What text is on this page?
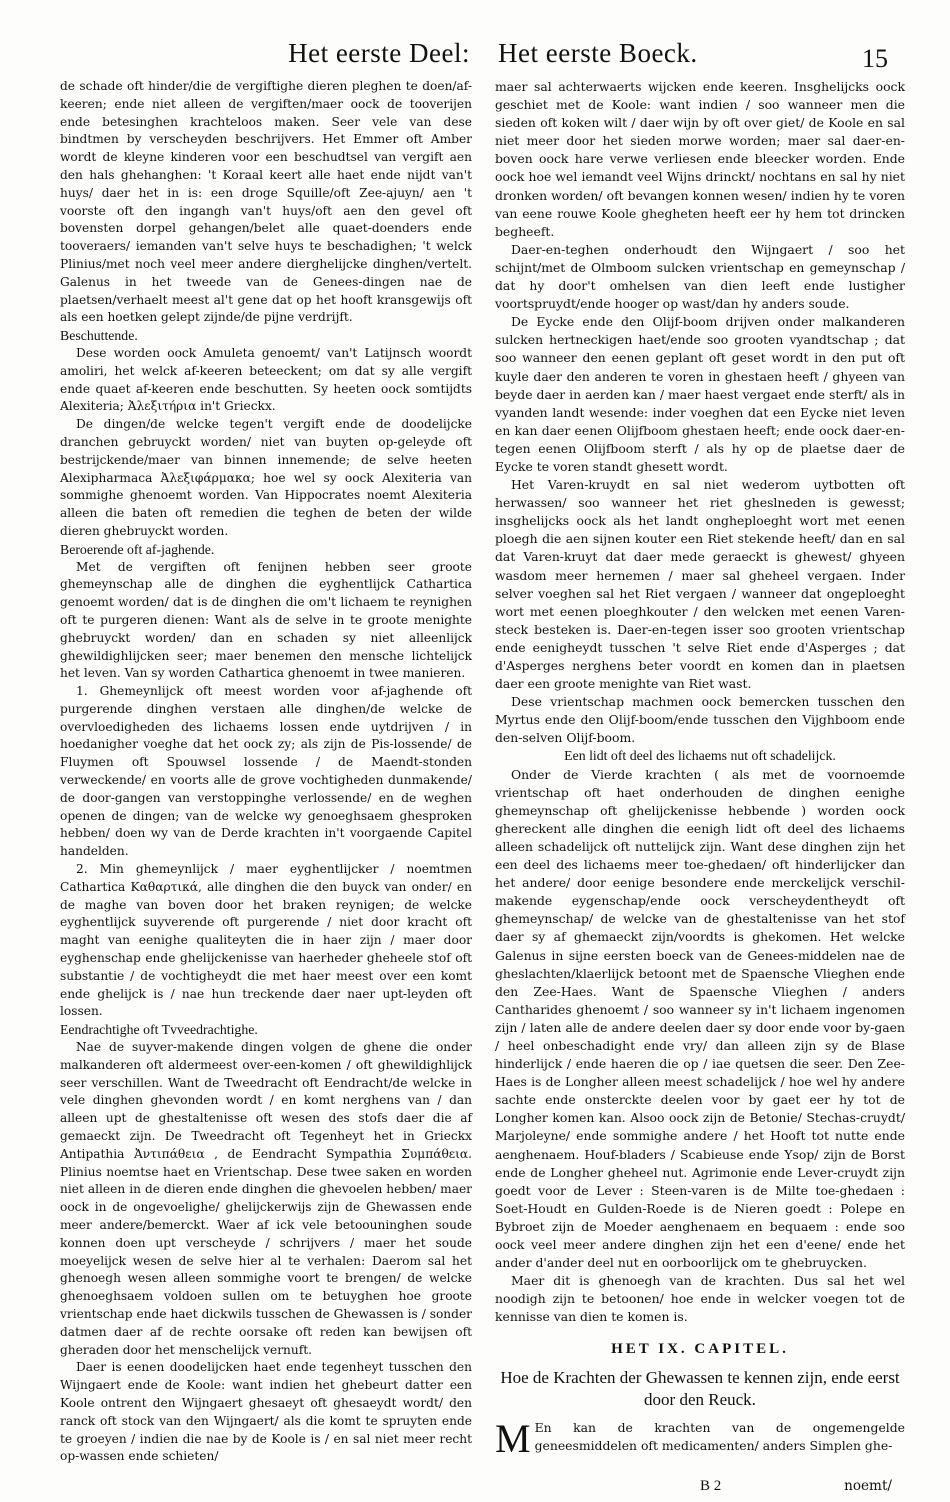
Het eerste Deel: Het eerste Boeck.	15

de schade oft hinder/die de vergiftighe dieren pleghen te doen/af-keeren; ende niet alleen de vergiften/maer oock de tooverijen ende betesinghen krachteloos maken. Seer vele van dese bindtmen by verscheyden beschrijvers. Het Emmer oft Amber wordt de kleyne kinderen voor een beschudtsel van vergift aen den hals ghehanghen: 't Koraal keert alle haet ende nijdt van't huys/ daer het in is: een droge Squille/oft Zee-ajuyn/ aen 't voorste oft den ingangh van't huys/oft aen den gevel oft bovensten dorpel gehangen/belet alle quaet-doenders ende tooveraers/ iemanden van't selve huys te beschadighen; 't welck Plinius/met noch veel meer andere dierghelijcke dinghen/vertelt. Galenus in het tweede van de Genees-dingen nae de plaetsen/verhaelt meest al't gene dat op het hooft kransgewijs oft als een hoetken gelept zijnde/de pijne verdrijft.

Beschuttende.

Dese worden oock Amuleta genoemt/ van't Latijnsch woordt amoliri, het welck af-keeren beteeckent; om dat sy alle vergift ende quaet af-keeren ende beschutten. Sy heeten oock somtijdts Alexiteria; Ἀλεξιτήρια in't Grieckx.

De dingen/de welcke tegen't vergift ende de doodelijcke dranchen gebruyckt worden/ niet van buyten op-geleyde oft bestrijckende/maer van binnen innemende; de selve heeten Alexipharmaca Ἀλεξιφάρμακα; hoe wel sy oock Alexiteria van sommighe ghenoemt worden. Van Hippocrates noemt Alexiteria alleen die baten oft remedien die teghen de beten der wilde dieren ghebruyckt worden.

Beroerende oft af-jaghende.

Met de vergiften oft fenijnen hebben seer groote ghemeynschap alle de dinghen die eyghentlijck Cathartica genoemt worden/ dat is de dinghen die om't lichaem te reynighen oft te purgeren dienen: Want als de selve in te groote menighte ghebruyckt worden/ dan en schaden sy niet alleenlijck ghewildighlijcken seer; maer benemen den mensche lichtelijck het leven. Van sy worden Cathartica ghenoemt in twee manieren.

1. Ghemeynlijck oft meest worden voor af-jaghende oft purgerende dinghen verstaen alle dinghen/de welcke de overvloedigheden des lichaems lossen ende uytdrijven / in hoedanigher voeghe dat het oock zy; als zijn de Pis-lossende/ de Fluymen oft Spouwsel lossende / de Maendt-stonden verweckende/ en voorts alle de grove vochtigheden dunmakende/ de door-gangen van verstoppinghe verlossende/ en de weghen openen de dingen; van de welcke wy genoeghsaem ghesproken hebben/ doen wy van de Derde krachten in't voorgaende Capitel handelden.

2. Min ghemeynlijck / maer eyghentlijcker / noemtmen Cathartica Καθαρτικά, alle dinghen die den buyck van onder/ en de maghe van boven door het braken reynigen; de welcke eyghentlijck suyverende oft purgerende / niet door kracht oft maght van eenighe qualiteyten die in haer zijn / maer door eyghenschap ende ghelijckenisse van haerheder gheheele stof oft substantie / de vochtigheydt die met haer meest over een komt ende ghelijck is / nae hun treckende daer naer upt-leyden oft lossen.

Eendrachtighe oft Tvveedrachtighe.

Nae de suyver-makende dingen volgen de ghene die onder malkanderen oft aldermeest over-een-komen / oft ghewildighlijck seer verschillen. Want de Tweedracht oft Eendracht/de welcke in vele dinghen ghevonden wordt / en komt nerghens van / dan alleen upt de ghestaltenisse oft wesen des stofs daer die af gemaeckt zijn. De Tweedracht oft Tegenheyt het in Grieckx Antipathia Ἀντιπάθεια , de Eendracht Sympathia Συμπάθεια. Plinius noemtse haet en Vrientschap. Dese twee saken en worden niet alleen in de dieren ende dinghen die ghevoelen hebben/ maer oock in de ongevoelighe/ ghelijckerwijs zijn de Ghewassen ende meer andere/bemerckt. Waer af ick vele betoouninghen soude konnen doen upt verscheyde / schrijvers / maer het soude moeyelijck wesen de selve hier al te verhalen: Daerom sal het ghenoegh wesen alleen sommighe voort te brengen/ de welcke ghenoeghsaem voldoen sullen om te betuyghen hoe groote vrientschap ende haet dickwils tusschen de Ghewassen is / sonder datmen daer af de rechte oorsake oft reden kan bewijsen oft gheraden door het menschelijck vernuft.

Daer is eenen doodelijcken haet ende tegenheyt tusschen den Wijngaert ende de Koole: want indien het ghebeurt datter een Koole ontrent den Wijngaert ghesaeyt oft ghesaeydt wordt/ den ranck oft stock van den Wijngaert/ als die komt te spruyten ende te groeyen / indien die nae by de Koole is / en sal niet meer recht op-wassen ende schieten/

maer sal achterwaerts wijcken ende keeren. Insghelijcks oock geschiet met de Koole: want indien / soo wanneer men die sieden oft koken wilt / daer wijn by oft over giet/ de Koole en sal niet meer door het sieden morwe worden; maer sal daer-en-boven oock hare verwe verliesen ende bleecker worden. Ende oock hoe wel iemandt veel Wijns drinckt/ nochtans en sal hy niet dronken worden/ oft bevangen konnen wesen/ indien hy te voren van eene rouwe Koole ghegheten heeft eer hy hem tot drincken begheeft.

Daer-en-teghen onderhoudt den Wijngaert / soo het schijnt/met de Olmboom sulcken vrientschap en gemeynschap / dat hy door't omhelsen van dien leeft ende lustigher voortspruydt/ende hooger op wast/dan hy anders soude.

De Eycke ende den Olijf-boom drijven onder malkanderen sulcken hertneckigen haet/ende soo grooten vyandtschap ; dat soo wanneer den eenen geplant oft geset wordt in den put oft kuyle daer den anderen te voren in ghestaen heeft / ghyeen van beyde daer in aerden kan / maer haest vergaet ende sterft/ als in vyanden landt wesende: inder voeghen dat een Eycke niet leven en kan daer eenen Olijfboom ghestaen heeft; ende oock daer-en-tegen eenen Olijfboom sterft / als hy op de plaetse daer de Eycke te voren standt ghesett wordt.

Het Varen-kruydt en sal niet wederom uytbotten oft herwassen/ soo wanneer het riet gheslneden is gewesst; insghelijcks oock als het landt ongheploeght wort met eenen ploegh die aen sijnen kouter een Riet stekende heeft/ dan en sal dat Varen-kruyt dat daer mede geraeckt is ghewest/ ghyeen wasdom meer hernemen / maer sal gheheel vergaen. Inder selver voeghen sal het Riet vergaen / wanneer dat ongeploeght wort met eenen ploeghkouter / den welcken met eenen Varen-steck besteken is. Daer-en-tegen isser soo grooten vrientschap ende eenigheydt tusschen 't selve Riet ende d'Asperges ; dat d'Asperges nerghens beter voordt en komen dan in plaetsen daer een groote menighte van Riet wast.

Dese vrientschap machmen oock bemercken tusschen den Myrtus ende den Olijf-boom/ende tusschen den Vijghboom ende den-selven Olijf-boom.

Een lidt oft deel des lichaems nut oft schadelijck.

Onder de Vierde krachten ( als met de voornoemde vrientschap oft haet onderhouden de dinghen eenighe ghemeynschap oft ghelijckenisse hebbende ) worden oock ghereckent alle dinghen die eenigh lidt oft deel des lichaems alleen schadelijck oft nuttelijck zijn. Want dese dinghen zijn het een deel des lichaems meer toe-ghedaen/ oft hinderlijcker dan het andere/ door eenige besondere ende merckelijck verschil-makende eygenschap/ende oock verscheydentheydt oft ghemeynschap/ de welcke van de ghestaltenisse van het stof daer sy af ghemaeckt zijn/voordts is ghekomen. Het welcke Galenus in sijne eersten boeck van de Genees-middelen nae de gheslachten/klaerlijck betoont met de Spaensche Vlieghen ende den Zee-Haes. Want de Spaensche Vlieghen / anders Cantharides ghenoemt / soo wanneer sy in't lichaem ingenomen zijn / laten alle de andere deelen daer sy door ende voor by-gaen / heel onbeschadight ende vry/ dan alleen zijn sy de Blase hinderlijck / ende haeren die op / iae quetsen die seer. Den Zee-Haes is de Longher alleen meest schadelijck / hoe wel hy andere sachte ende onsterckte deelen voor by gaet eer hy tot de Longher komen kan. Alsoo oock zijn de Betonie/ Stechas-cruydt/ Marjoleyne/ ende sommighe andere / het Hooft tot nutte ende aenghenaem. Houf-bladers / Scabieuse ende Ysop/ zijn de Borst ende de Longher gheheel nut. Agrimonie ende Lever-cruydt zijn goedt voor de Lever : Steen-varen is de Milte toe-ghedaen : Soet-Houdt en Gulden-Roede is de Nieren goedt : Polepe en Bybroet zijn de Moeder aenghenaem en bequaem : ende soo oock veel meer andere dinghen zijn het een d'eene/ ende het ander d'ander deel nut en oorboorlijck om te ghebruycken.

Maer dit is ghenoegh van de krachten. Dus sal het wel noodigh zijn te betoonen/ hoe ende in welcker voegen tot de kennisse van dien te komen is.

HET IX. CAPITEL.
Hoe de Krachten der Ghewassen te kennen zijn, ende eerst door den Reuck.

M En kan de krachten van de ongemengelde geneesmiddelen oft medicamenten/ anders Simplen ghe-

B 2	noemt/
